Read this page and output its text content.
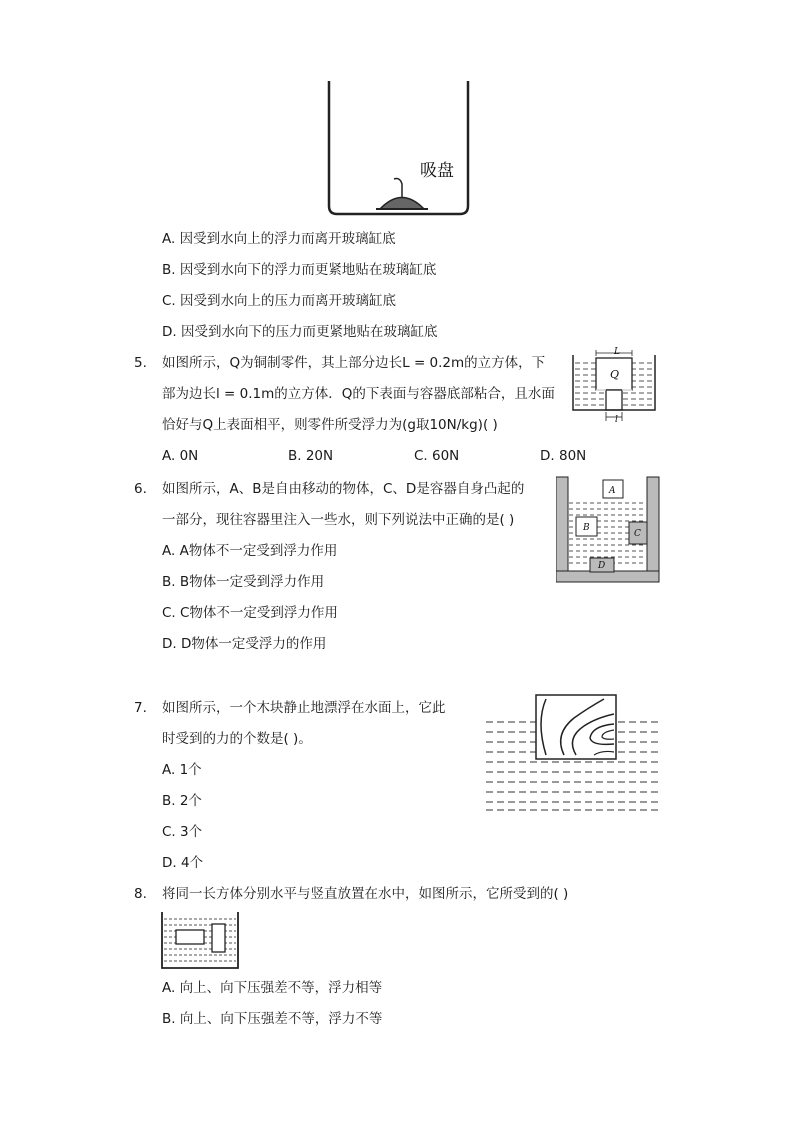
吸盘
A. 因受到水向上的浮力而离开玻璃缸底
B. 因受到水向下的浮力而更紧地贴在玻璃缸底
C. 因受到水向上的压力而离开玻璃缸底
D. 因受到水向下的压力而更紧地贴在玻璃缸底
5. 如图所示，Q为铜制零件，其上部分边长L = 0.2m的立方体，下
部为边长l = 0.1m的立方体．Q的下表面与容器底部粘合，且水面
恰好与Q上表面相平，则零件所受浮力为(g取10N/kg)( )
L
Q
l
A. 0N	B. 20N	C. 60N	D. 80N
6. 如图所示，A、B是自由移动的物体，C、D是容器自身凸起的
一部分，现往容器里注入一些水，则下列说法中正确的是( )
A
B
C
D
A. A物体不一定受到浮力作用
B. B物体一定受到浮力作用
C. C物体不一定受到浮力作用
D. D物体一定受浮力的作用
7. 如图所示，一个木块静止地漂浮在水面上，它此
时受到的力的个数是( )。
A. 1个
B. 2个
C. 3个
D. 4个
8. 将同一长方体分别水平与竖直放置在水中，如图所示，它所受到的( )
A. 向上、向下压强差不等，浮力相等
B. 向上、向下压强差不等，浮力不等
